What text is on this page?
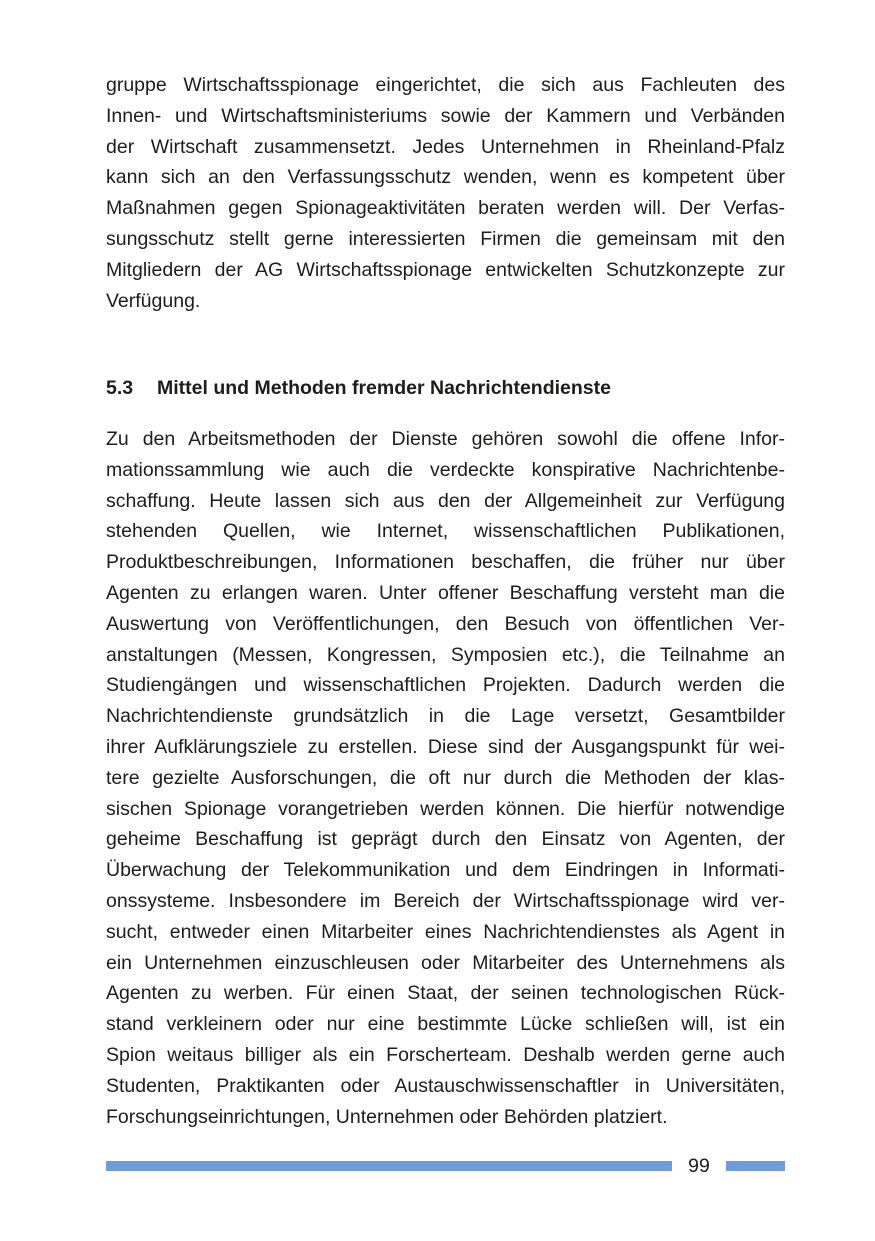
gruppe Wirtschaftsspionage eingerichtet, die sich aus Fachleuten des
Innen- und Wirtschaftsministeriums sowie der Kammern und Verbänden
der Wirtschaft zusammensetzt. Jedes Unternehmen in Rheinland-Pfalz
kann sich an den Verfassungsschutz wenden, wenn es kompetent über
Maßnahmen gegen Spionageaktivitäten beraten werden will. Der Verfas-
sungsschutz stellt gerne interessierten Firmen die gemeinsam mit den
Mitgliedern der AG Wirtschaftsspionage entwickelten Schutzkonzepte zur
Verfügung.
5.3 Mittel und Methoden fremder Nachrichtendienste
Zu den Arbeitsmethoden der Dienste gehören sowohl die offene Infor-
mationssammlung wie auch die verdeckte konspirative Nachrichtenbe-
schaffung. Heute lassen sich aus den der Allgemeinheit zur Verfügung
stehenden Quellen, wie Internet, wissenschaftlichen Publikationen,
Produktbeschreibungen, Informationen beschaffen, die früher nur über
Agenten zu erlangen waren. Unter offener Beschaffung versteht man die
Auswertung von Veröffentlichungen, den Besuch von öffentlichen Ver-
anstaltungen (Messen, Kongressen, Symposien etc.), die Teilnahme an
Studiengängen und wissenschaftlichen Projekten. Dadurch werden die
Nachrichtendienste grundsätzlich in die Lage versetzt, Gesamtbilder
ihrer Aufklärungsziele zu erstellen. Diese sind der Ausgangspunkt für wei-
tere gezielte Ausforschungen, die oft nur durch die Methoden der klas-
sischen Spionage vorangetrieben werden können. Die hierfür notwendige
geheime Beschaffung ist geprägt durch den Einsatz von Agenten, der
Überwachung der Telekommunikation und dem Eindringen in Informati-
onssysteme. Insbesondere im Bereich der Wirtschaftsspionage wird ver-
sucht, entweder einen Mitarbeiter eines Nachrichtendienstes als Agent in
ein Unternehmen einzuschleusen oder Mitarbeiter des Unternehmens als
Agenten zu werben. Für einen Staat, der seinen technologischen Rück-
stand verkleinern oder nur eine bestimmte Lücke schließen will, ist ein
Spion weitaus billiger als ein Forscherteam. Deshalb werden gerne auch
Studenten, Praktikanten oder Austauschwissenschaftler in Universitäten,
Forschungseinrichtungen, Unternehmen oder Behörden platziert.
99
